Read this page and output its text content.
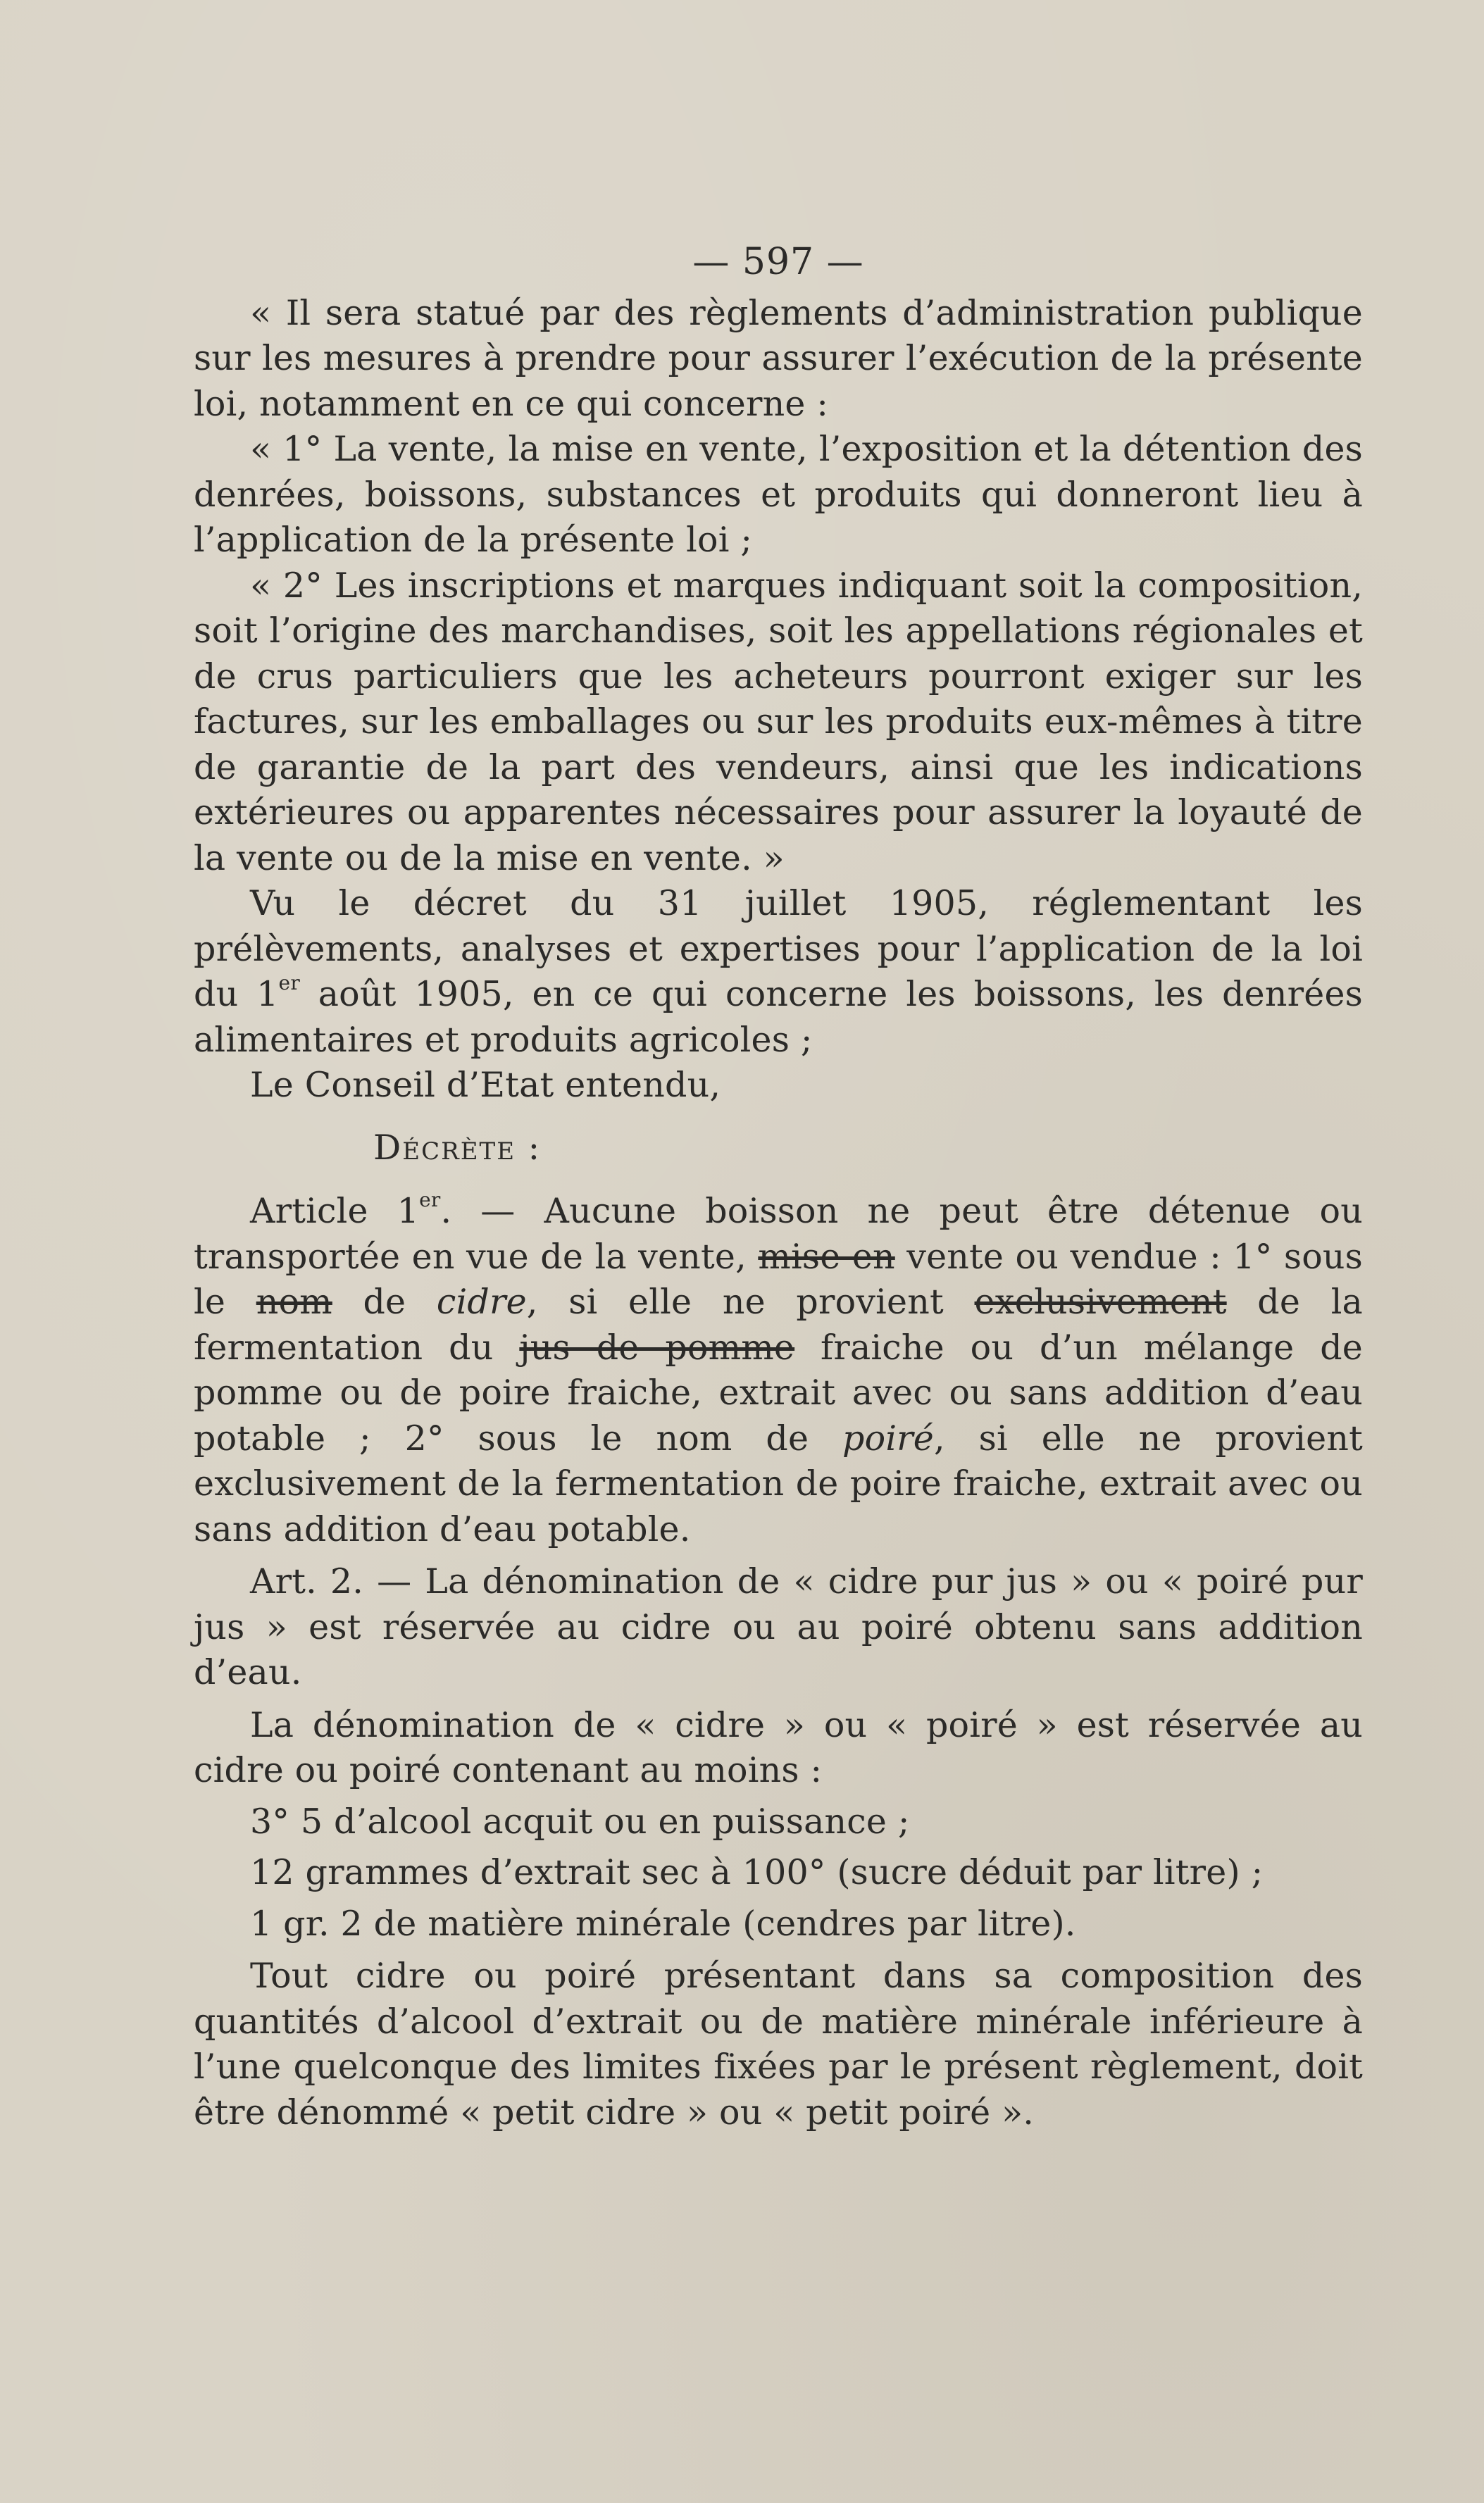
— 597 —

« Il sera statué par des règlements d’administration publique sur les mesures à prendre pour assurer l’exécution de la présente loi, notamment en ce qui concerne :

« 1° La vente, la mise en vente, l’exposition et la détention des denrées, boissons, substances et produits qui donneront lieu à l’application de la présente loi ;

« 2° Les inscriptions et marques indiquant soit la composition, soit l’origine des marchandises, soit les appellations régionales et de crus particuliers que les acheteurs pourront exiger sur les factures, sur les emballages ou sur les produits eux-mêmes à titre de garantie de la part des vendeurs, ainsi que les indications extérieures ou apparentes nécessaires pour assurer la loyauté de la vente ou de la mise en vente. »

Vu le décret du 31 juillet 1905, réglementant les prélèvements, analyses et expertises pour l’application de la loi du 1er août 1905, en ce qui concerne les boissons, les denrées alimentaires et produits agricoles ;

Le Conseil d’Etat entendu,

Décrète :

Article 1er. — Aucune boisson ne peut être détenue ou transportée en vue de la vente, mise en vente ou vendue : 1° sous le nom de cidre, si elle ne provient exclusivement de la fermentation du jus de pomme fraiche ou d’un mélange de pomme ou de poire fraiche, extrait avec ou sans addition d’eau potable ; 2° sous le nom de poiré, si elle ne provient exclusivement de la fermentation de poire fraiche, extrait avec ou sans addition d’eau potable.

Art. 2. — La dénomination de « cidre pur jus » ou « poiré pur jus » est réservée au cidre ou au poiré obtenu sans addition d’eau.

La dénomination de « cidre » ou « poiré » est réservée au cidre ou poiré contenant au moins :

3° 5 d’alcool acquit ou en puissance ;

12 grammes d’extrait sec à 100° (sucre déduit par litre) ;

1 gr. 2 de matière minérale (cendres par litre).

Tout cidre ou poiré présentant dans sa composition des quantités d’alcool d’extrait ou de matière minérale inférieure à l’une quelconque des limites fixées par le présent règlement, doit être dénommé « petit cidre » ou « petit poiré ».
